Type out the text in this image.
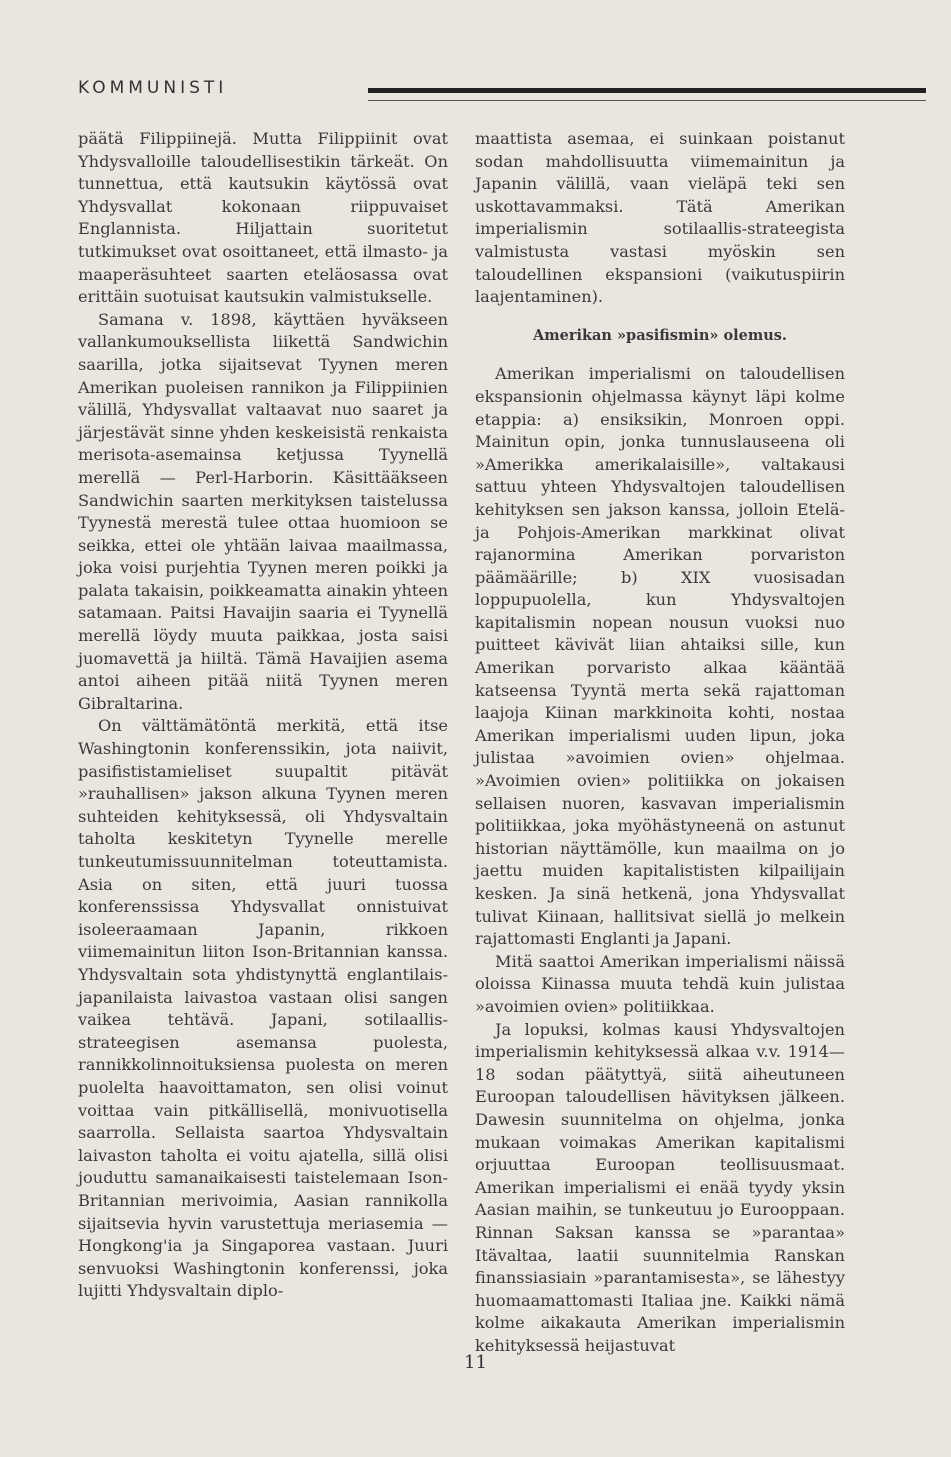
KOMMUNISTI

päätä Filippiinejä. Mutta Filippiinit ovat Yhdysvalloille taloudellisestikin tärkeät. On tunnettua, että kautsukin käytössä ovat Yhdysvallat kokonaan riippuvaiset Englannista. Hiljattain suoritetut tutkimukset ovat osoittaneet, että ilmasto- ja maaperäsuhteet saarten eteläosassa ovat erittäin suotuisat kautsukin valmistukselle.

Samana v. 1898, käyttäen hyväkseen vallankumouksellista liikettä Sandwichin saarilla, jotka sijaitsevat Tyynen meren Amerikan puoleisen rannikon ja Filippiinien välillä, Yhdysvallat valtaavat nuo saaret ja järjestävät sinne yhden keskeisistä renkaista merisota-asemainsa ketjussa Tyynellä merellä — Perl-Harborin. Käsittääkseen Sandwichin saarten merkityksen taistelussa Tyynestä merestä tulee ottaa huomioon se seikka, ettei ole yhtään laivaa maailmassa, joka voisi purjehtia Tyynen meren poikki ja palata takaisin, poikkeamatta ainakin yhteen satamaan. Paitsi Havaijin saaria ei Tyynellä merellä löydy muuta paikkaa, josta saisi juomavettä ja hiiltä. Tämä Havaijien asema antoi aiheen pitää niitä Tyynen meren Gibraltarina.

On välttämätöntä merkitä, että itse Washingtonin konferenssikin, jota naiivit, pasifististamieliset suupaltit pitävät »rauhallisen» jakson alkuna Tyynen meren suhteiden kehityksessä, oli Yhdysvaltain taholta keskitetyn Tyynelle merelle tunkeutumissuunnitelman toteuttamista. Asia on siten, että juuri tuossa konferenssissa Yhdysvallat onnistuivat isoleeraamaan Japanin, rikkoen viimemainitun liiton Ison-Britannian kanssa. Yhdysvaltain sota yhdistynyttä englantilais-japanilaista laivastoa vastaan olisi sangen vaikea tehtävä. Japani, sotilaallis-strateegisen asemansa puolesta, rannikkolinnoituksiensa puolesta on meren puolelta haavoittamaton, sen olisi voinut voittaa vain pitkällisellä, monivuotisella saarrolla. Sellaista saartoa Yhdysvaltain laivaston taholta ei voitu ajatella, sillä olisi jouduttu samanaikaisesti taistelemaan Ison-Britannian merivoimia, Aasian rannikolla sijaitsevia hyvin varustettuja meriasemia — Hongkong'ia ja Singaporea vastaan. Juuri senvuoksi Washingtonin konferenssi, joka lujitti Yhdysvaltain diplo-

maattista asemaa, ei suinkaan poistanut sodan mahdollisuutta viimemainitun ja Japanin välillä, vaan vieläpä teki sen uskottavammaksi. Tätä Amerikan imperialismin sotilaallis-strateegista valmistusta vastasi myöskin sen taloudellinen ekspansioni (vaikutuspiirin laajentaminen).

Amerikan »pasifismin» olemus.

Amerikan imperialismi on taloudellisen ekspansionin ohjelmassa käynyt läpi kolme etappia: a) ensiksikin, Monroen oppi. Mainitun opin, jonka tunnuslauseena oli »Amerikka amerikalaisille», valtakausi sattuu yhteen Yhdysvaltojen taloudellisen kehityksen sen jakson kanssa, jolloin Etelä- ja Pohjois-Amerikan markkinat olivat rajanormina Amerikan porvariston päämäärille; b) XIX vuosisadan loppupuolella, kun Yhdysvaltojen kapitalismin nopean nousun vuoksi nuo puitteet kävivät liian ahtaiksi sille, kun Amerikan porvaristo alkaa kääntää katseensa Tyyntä merta sekä rajattoman laajoja Kiinan markkinoita kohti, nostaa Amerikan imperialismi uuden lipun, joka julistaa »avoimien ovien» ohjelmaa. »Avoimien ovien» politiikka on jokaisen sellaisen nuoren, kasvavan imperialismin politiikkaa, joka myöhästyneenä on astunut historian näyttämölle, kun maailma on jo jaettu muiden kapitalististen kilpailijain kesken. Ja sinä hetkenä, jona Yhdysvallat tulivat Kiinaan, hallitsivat siellä jo melkein rajattomasti Englanti ja Japani.

Mitä saattoi Amerikan imperialismi näissä oloissa Kiinassa muuta tehdä kuin julistaa »avoimien ovien» politiikkaa.

Ja lopuksi, kolmas kausi Yhdysvaltojen imperialismin kehityksessä alkaa v.v. 1914—18 sodan päätyttyä, siitä aiheutuneen Euroopan taloudellisen hävityksen jälkeen. Dawesin suunnitelma on ohjelma, jonka mukaan voimakas Amerikan kapitalismi orjuuttaa Euroopan teollisuusmaat. Amerikan imperialismi ei enää tyydy yksin Aasian maihin, se tunkeutuu jo Eurooppaan. Rinnan Saksan kanssa se »parantaa» Itävaltaa, laatii suunnitelmia Ranskan finanssiasiain »parantamisesta», se lähestyy huomaamattomasti Italiaa jne. Kaikki nämä kolme aikakauta Amerikan imperialismin kehityksessä heijastuvat

11
